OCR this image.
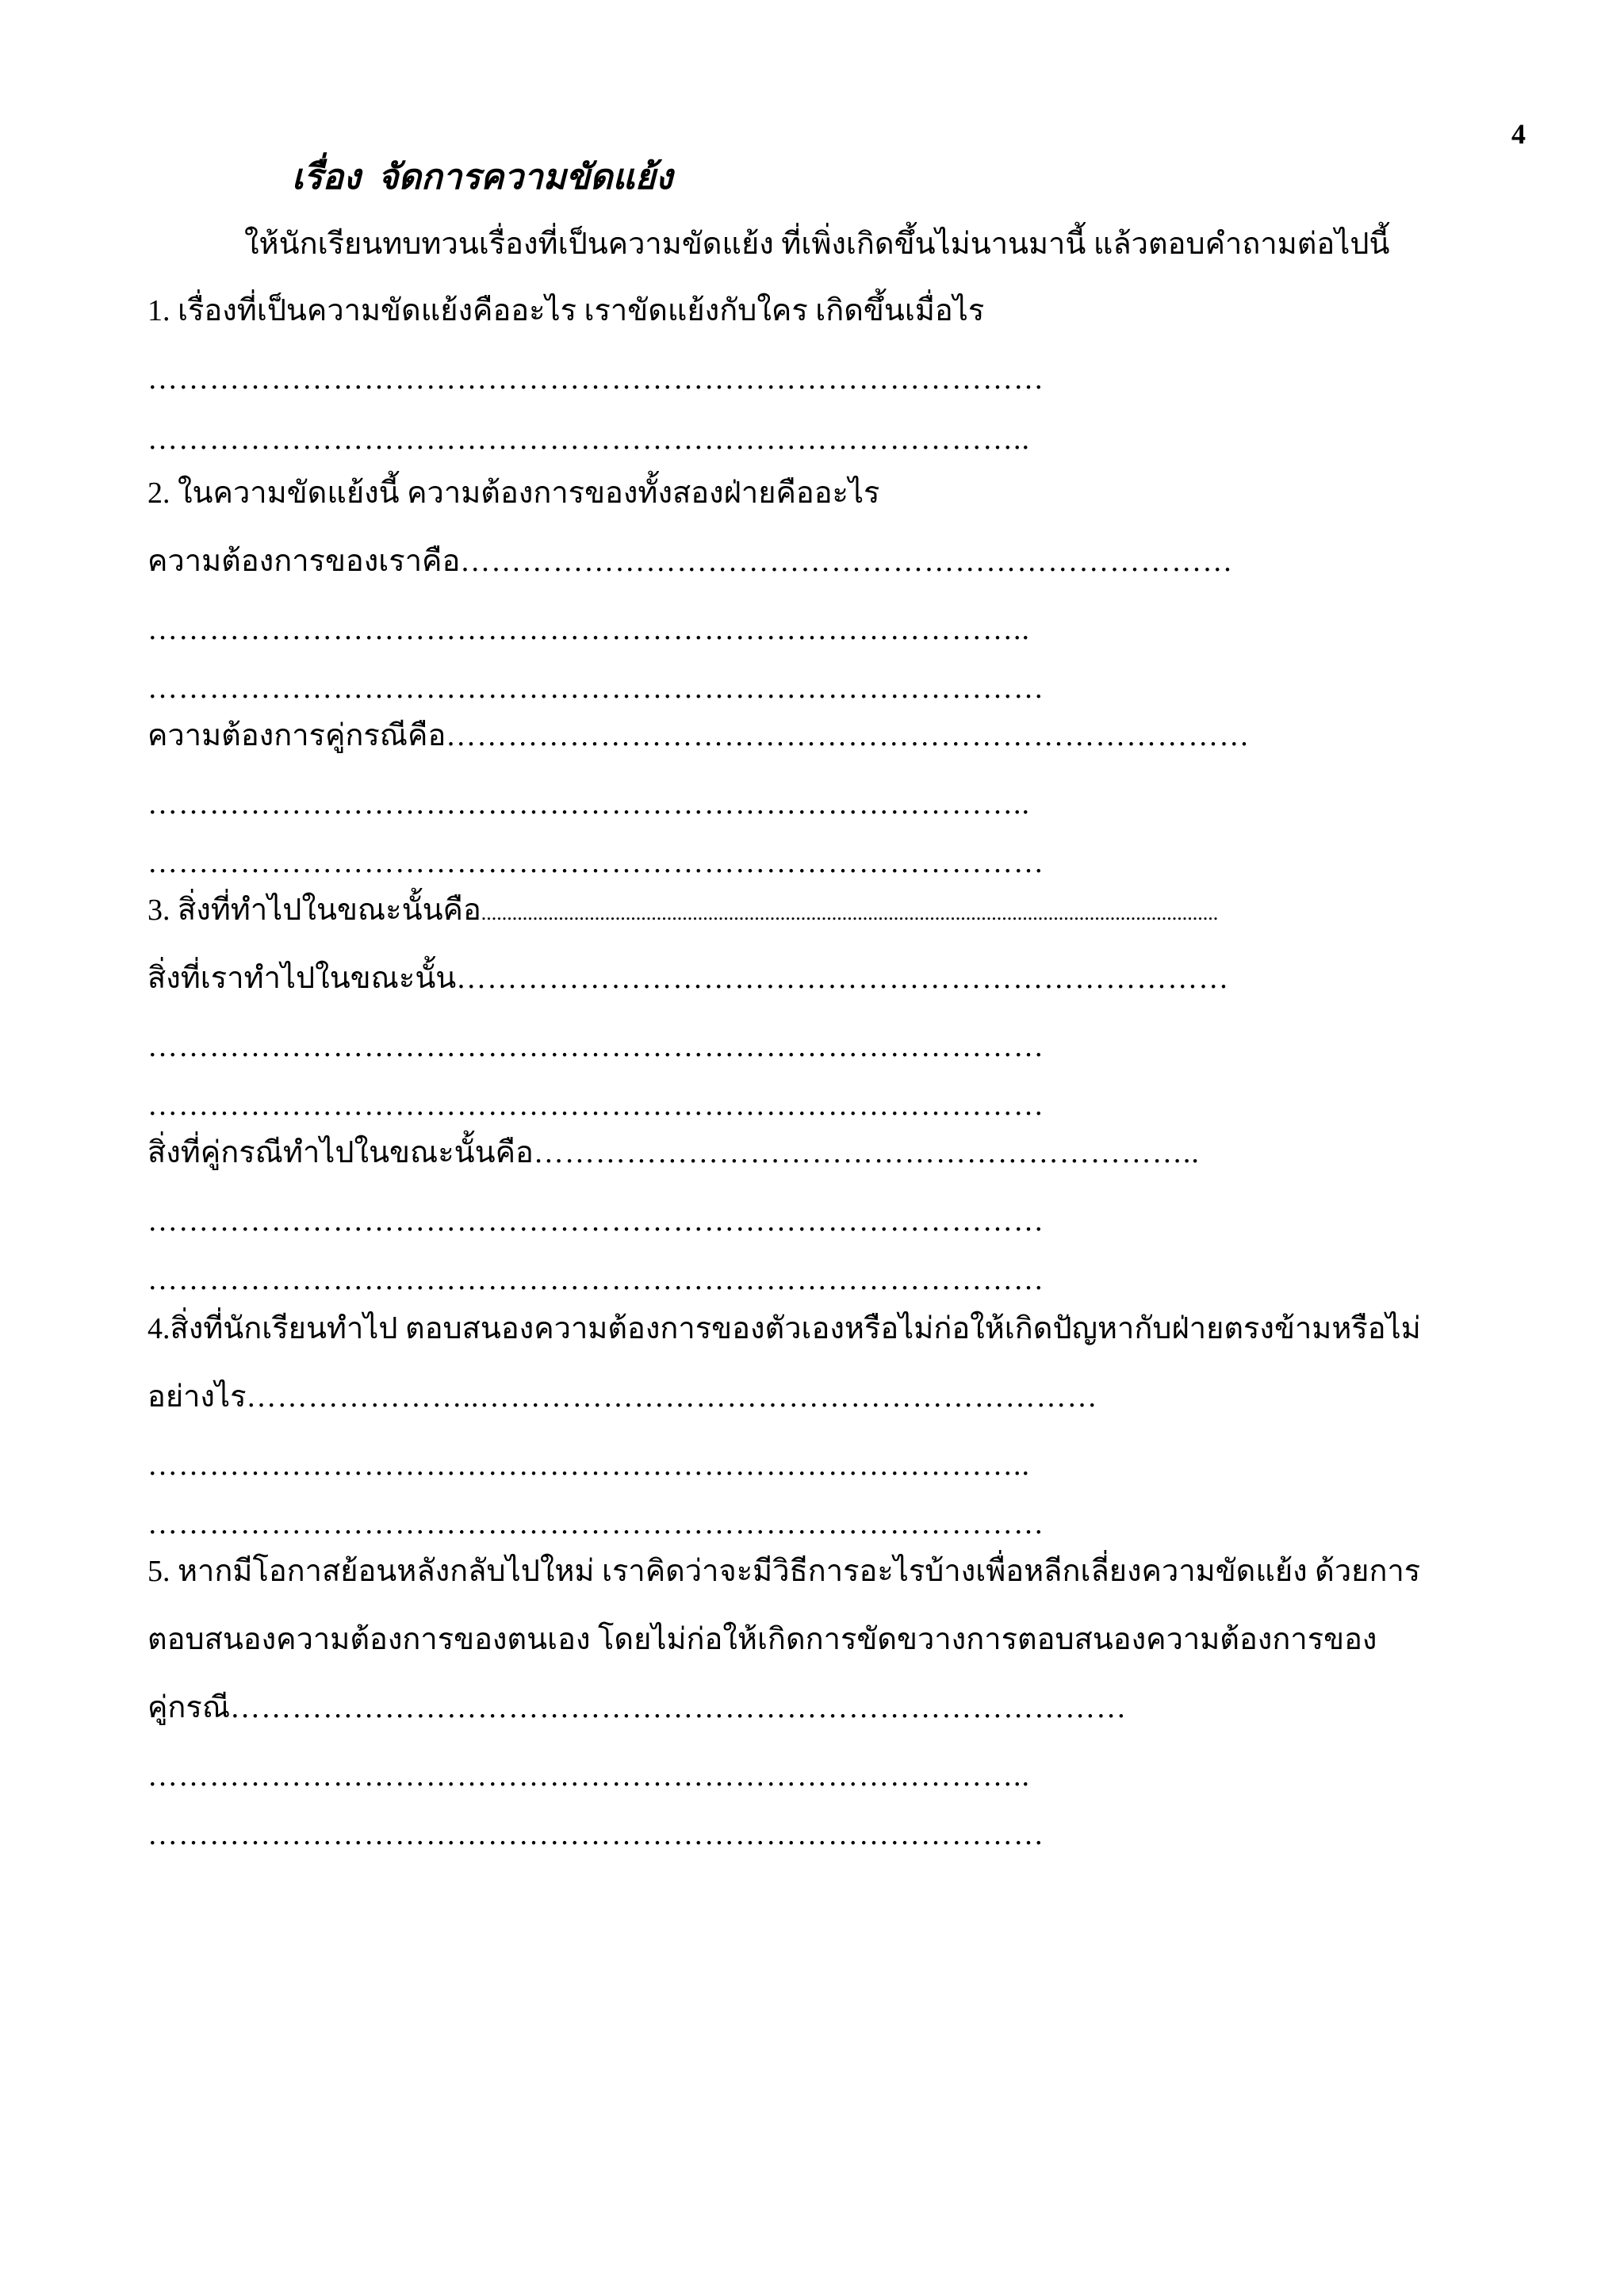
4
เรื่อง  จัดการความขัดแย้ง
ให้นักเรียนทบทวนเรื่องที่เป็นความขัดแย้ง ที่เพิ่งเกิดขึ้นไม่นานมานี้ แล้วตอบคำถามต่อไปนี้
1. เรื่องที่เป็นความขัดแย้งคืออะไร เราขัดแย้งกับใคร เกิดขึ้นเมื่อไร
……………………………………………………………………………
…………………………………………………………………………..
2. ในความขัดแย้งนี้ ความต้องการของทั้งสองฝ่ายคืออะไร
ความต้องการของเราคือ…………………………………………………………………
…………………………………………………………………………..
……………………………………………………………………………
ความต้องการคู่กรณีคือ……………………………………………………………………
…………………………………………………………………………..
……………………………………………………………………………
3. สิ่งที่ทำไปในขณะนั้นคือ...............................................................................................................................................
สิ่งที่เราทำไปในขณะนั้น…………………………………………………………………
……………………………………………………………………………
……………………………………………………………………………
สิ่งที่คู่กรณีทำไปในขณะนั้นคือ………………………………………………………..
……………………………………………………………………………
……………………………………………………………………………
4.สิ่งที่นักเรียนทำไป ตอบสนองความต้องการของตัวเองหรือไม่ก่อให้เกิดปัญหากับฝ่ายตรงข้ามหรือไม่
อย่างไร…………………..……………………………………………………
…………………………………………………………………………..
……………………………………………………………………………
5. หากมีโอกาสย้อนหลังกลับไปใหม่ เราคิดว่าจะมีวิธีการอะไรบ้างเพื่อหลีกเลี่ยงความขัดแย้ง ด้วยการ
ตอบสนองความต้องการของตนเอง โดยไม่ก่อให้เกิดการขัดขวางการตอบสนองความต้องการของ
คู่กรณี……………………………………………………………………………
…………………………………………………………………………..
……………………………………………………………………………
